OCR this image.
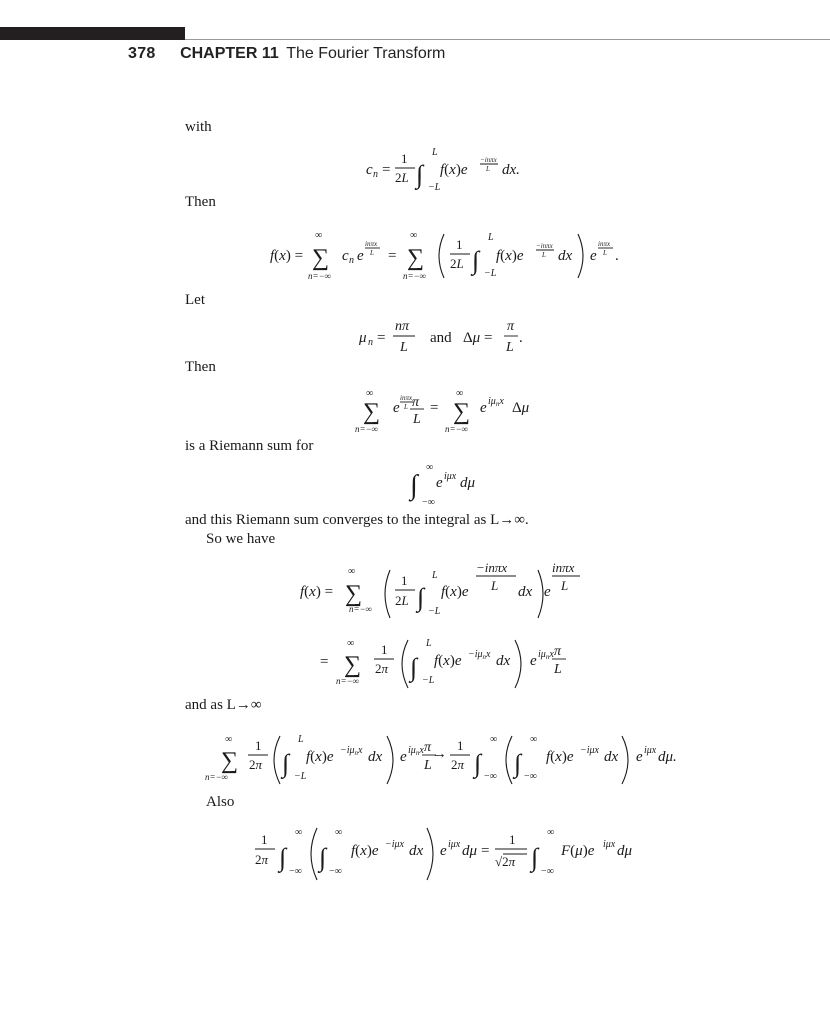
378 CHAPTER 11 The Fourier Transform
with
Then
Let
Then
is a Riemann sum for
and this Riemann sum converges to the integral as L→∞.
So we have
and as L→∞
Also
c n =
1
2L ∫
L
−L
f(x)e
−inπx
L dx.
f(x) =
∞
∑
n=−∞
c n e
inπx
L =
∞
∑
n=−∞
1
2L ∫
L
−L
f(x)e
−inπx
L dx e
inπx
L .
μ n =
nπ
L
and Δμ =
π
L
.
∞
∑
n=−∞
e
inπx
L π
L
=
∞
∑
n=−∞
e $i\mu_nx$ Δμ
∫
∞
−∞
e iμx dμ
f(x) =
∞
∑
n=−∞
1
2L ∫
L
−L
f(x)e
−inπx
L dx e
inπx
L
=
∞
∑
n=−∞
1
2π ∫
L
−L
$f(x)e -i\mu_nx$ dx e $i\mu_nx$ π
L
∞
∑
n=−∞
1
2π ∫
L
−L
$f(x)e -i\mu_nx$ dx e $i\mu_nx$ π
L
→
1
2π ∫
∞
−∞ ∫
∞
−∞
f(x)e −iμx dx e iμx dμ.
1
2π ∫
∞
−∞ ∫
∞
−∞
f(x)e −iμx dx e iμx dμ =
1
√2π ∫
∞
−∞
F(μ)e iμx dμ
